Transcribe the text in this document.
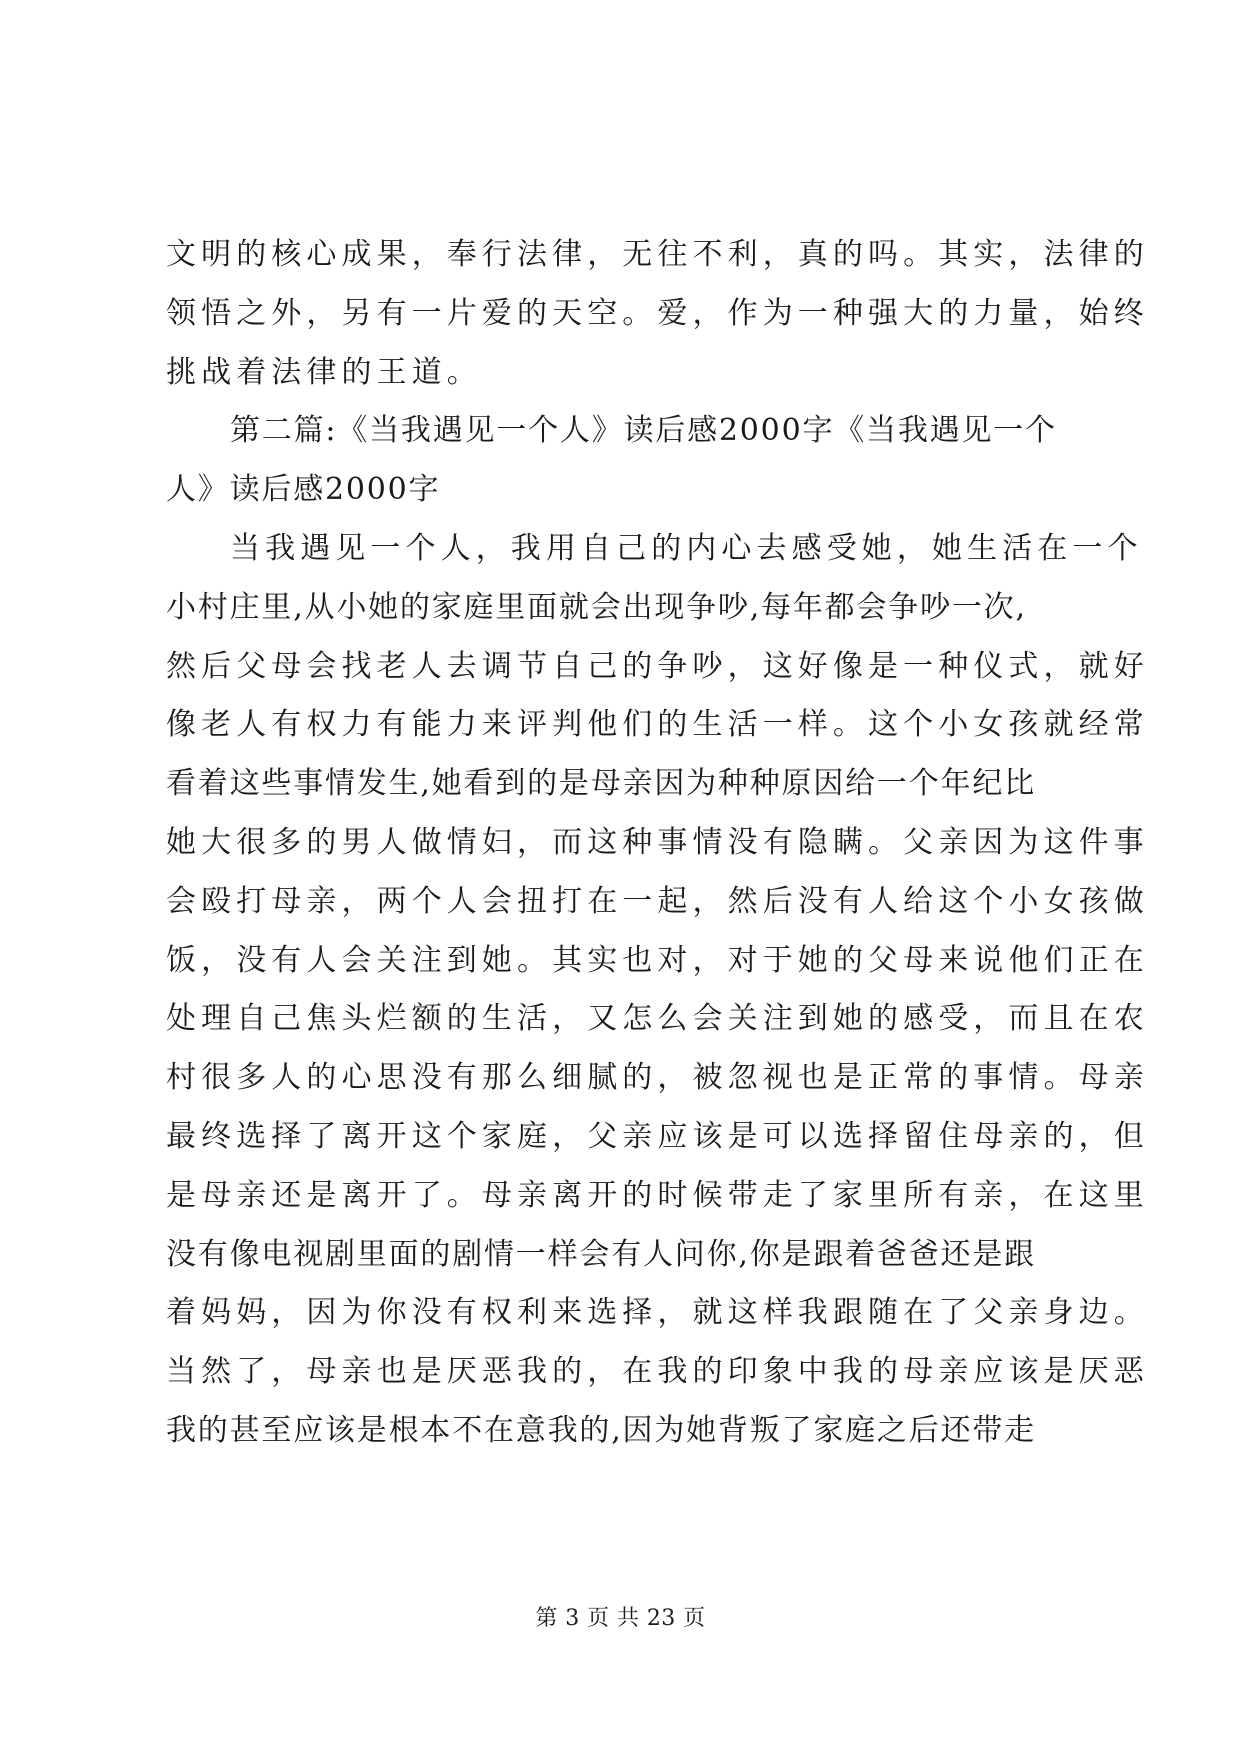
文明的核心成果，奉行法律，无往不利，真的吗。其实，法律的
领悟之外，另有一片爱的天空。爱，作为一种强大的力量，始终
挑战着法律的王道。
第二篇:《当我遇见一个人》读后感2000字《当我遇见一个
人》读后感2000字
当我遇见一个人，我用自己的内心去感受她，她生活在一个
小村庄里,从小她的家庭里面就会出现争吵,每年都会争吵一次,
然后父母会找老人去调节自己的争吵，这好像是一种仪式，就好
像老人有权力有能力来评判他们的生活一样。这个小女孩就经常
看着这些事情发生,她看到的是母亲因为种种原因给一个年纪比
她大很多的男人做情妇，而这种事情没有隐瞒。父亲因为这件事
会殴打母亲，两个人会扭打在一起，然后没有人给这个小女孩做
饭，没有人会关注到她。其实也对，对于她的父母来说他们正在
处理自己焦头烂额的生活，又怎么会关注到她的感受，而且在农
村很多人的心思没有那么细腻的，被忽视也是正常的事情。母亲
最终选择了离开这个家庭，父亲应该是可以选择留住母亲的，但
是母亲还是离开了。母亲离开的时候带走了家里所有亲，在这里
没有像电视剧里面的剧情一样会有人问你,你是跟着爸爸还是跟
着妈妈，因为你没有权利来选择，就这样我跟随在了父亲身边。
当然了，母亲也是厌恶我的，在我的印象中我的母亲应该是厌恶
我的甚至应该是根本不在意我的,因为她背叛了家庭之后还带走
第 3 页 共 23 页
